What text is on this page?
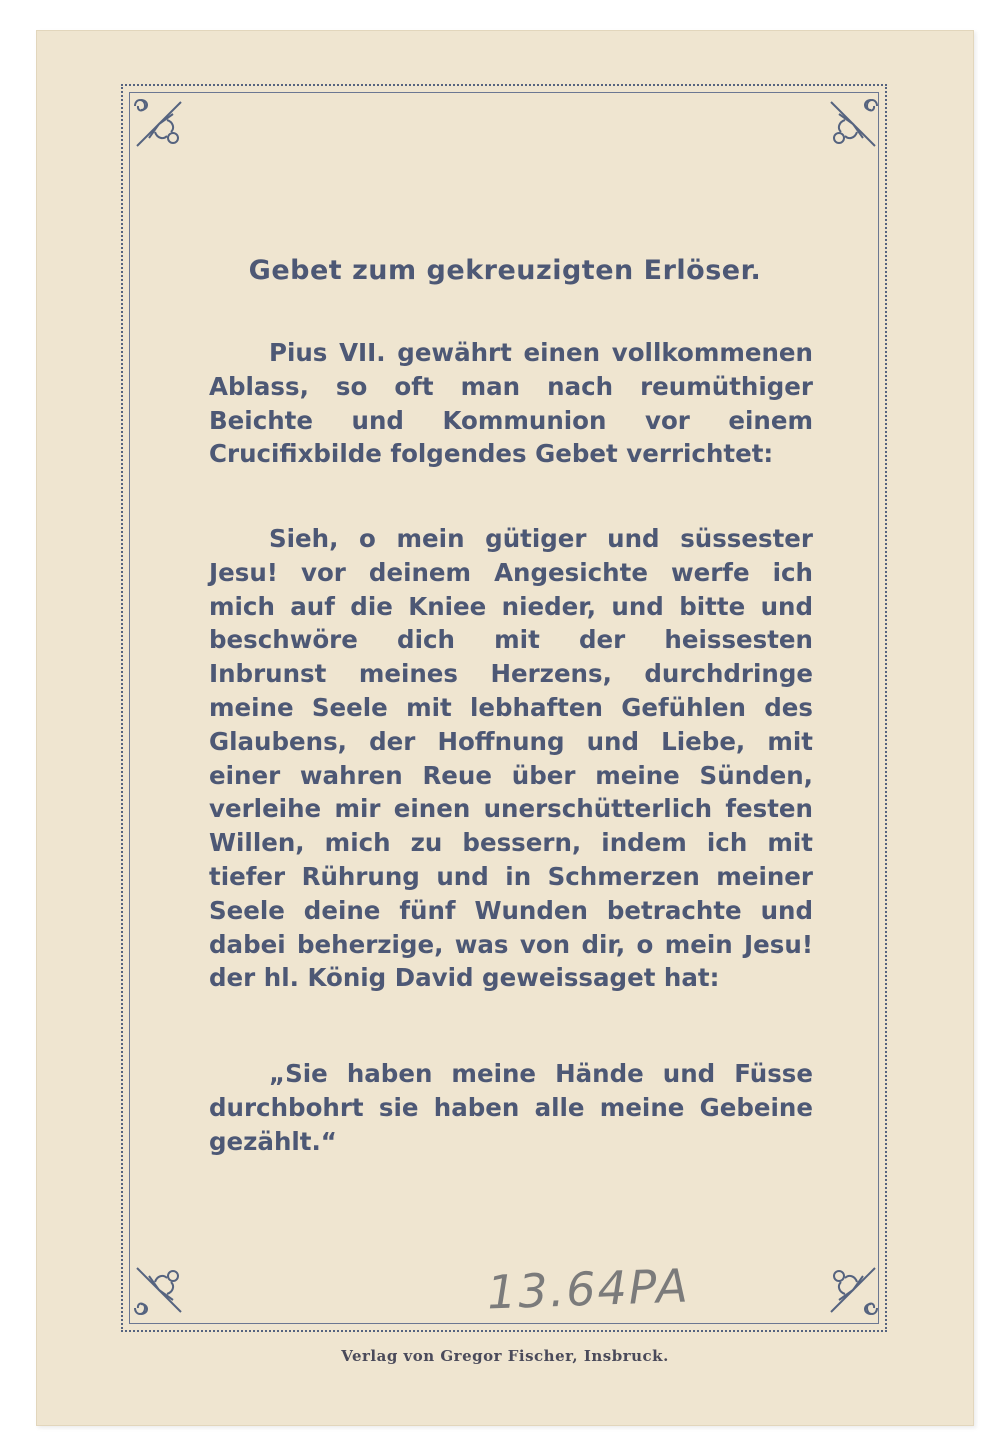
Gebet zum gekreuzigten Erlöser.
Pius VII. gewährt einen vollkommenen Ablass, so oft man nach reumüthiger Beichte und Kommunion vor einem Crucifixbilde folgendes Gebet verrichtet:
Sieh, o mein gütiger und süssester Jesu! vor deinem Angesichte werfe ich mich auf die Kniee nieder, und bitte und beschwöre dich mit der heissesten Inbrunst meines Herzens, durchdringe meine Seele mit lebhaften Gefühlen des Glaubens, der Hoffnung und Liebe, mit einer wahren Reue über meine Sünden, verleihe mir einen unerschütterlich festen Willen, mich zu bessern, indem ich mit tiefer Rührung und in Schmerzen meiner Seele deine fünf Wunden betrachte und dabei beherzige, was von dir, o mein Jesu! der hl. König David geweissaget hat:
„Sie haben meine Hände und Füsse durchbohrt sie haben alle meine Gebeine gezählt.“
13.64PA
Verlag von Gregor Fischer, Insbruck.
